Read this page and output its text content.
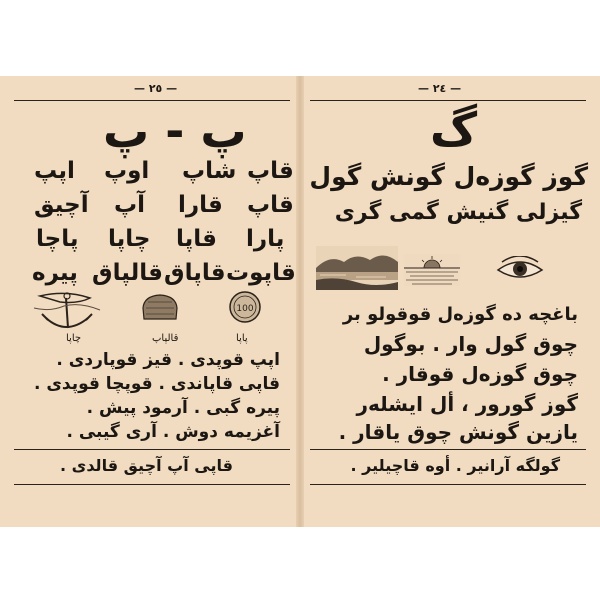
— ٢٥ —
پ - پ
قاپ
شاپ
اوپ
اپپ
قاپ
قارا
آپ
آچیق
پارا
قاپا
چاپا
پاچا
قاپوت
قاپاق
قالپاق
پیره
100
پاپا
قالپاپ
چاپا
اپپ قوپدی . قیز قوپاردی .
قاپی قاپاندی . قوپچا قوپدی .
پیره گبی . آرمود پیش .
آغزیمه دوش . آری گیبی .
قاپی آپ آچیق قالدی .
— ٢٤ —
گ
گوز گوزه‌ل گونش گول
گیزلی گنیش گمی گری
باغچه ده گوزه‌ل قوقولو بر
چوق گول وار . بوگول
چوق گوزه‌ل قوقار .
گوز گورور ، أل ایشله‌ر
یازین گونش چوق یاقار .
گولگه آرانیر . أوه قاچیلیر .
